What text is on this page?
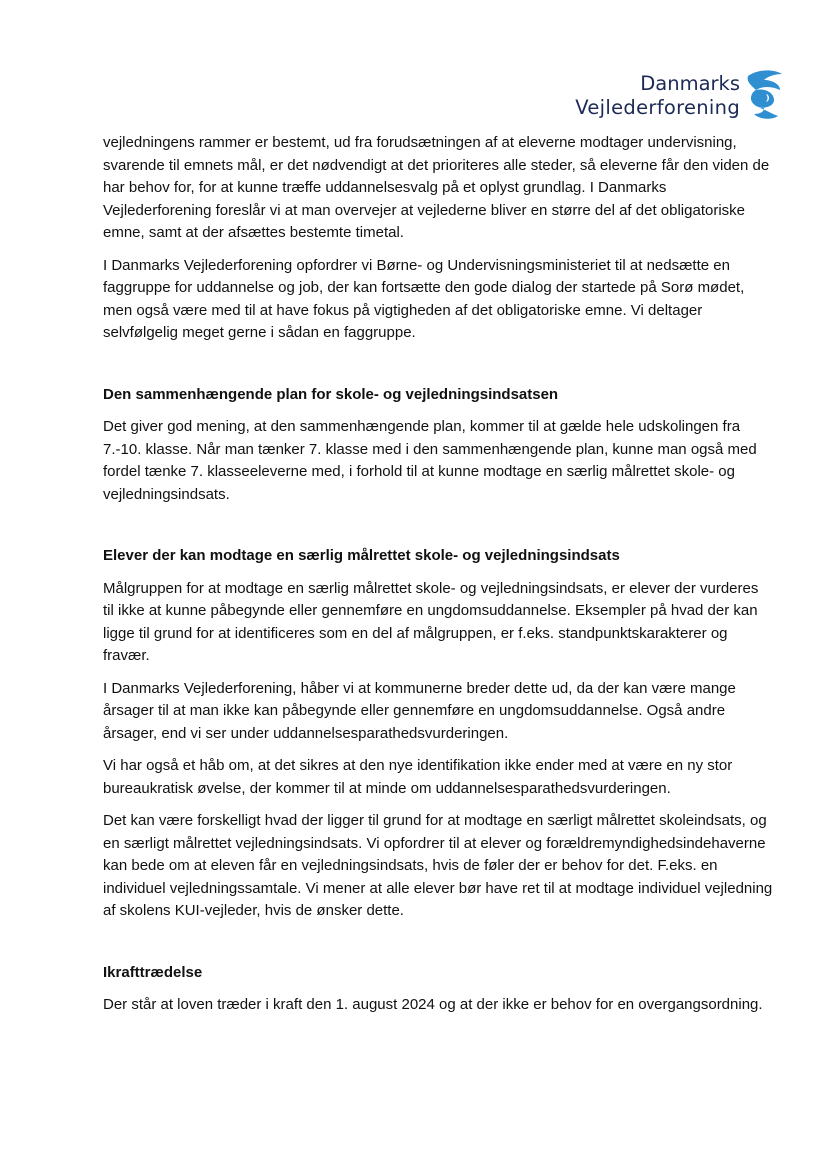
Danmarks
Vejlederforening

vejledningens rammer er bestemt, ud fra forudsætningen af at eleverne modtager undervisning, svarende til emnets mål, er det nødvendigt at det prioriteres alle steder, så eleverne får den viden de har behov for, for at kunne træffe uddannelsesvalg på et oplyst grundlag. I Danmarks Vejlederforening foreslår vi at man overvejer at vejlederne bliver en større del af det obligatoriske emne, samt at der afsættes bestemte timetal.

I Danmarks Vejlederforening opfordrer vi Børne- og Undervisningsministeriet til at nedsætte en faggruppe for uddannelse og job, der kan fortsætte den gode dialog der startede på Sorø mødet, men også være med til at have fokus på vigtigheden af det obligatoriske emne. Vi deltager selvfølgelig meget gerne i sådan en faggruppe.

Den sammenhængende plan for skole- og vejledningsindsatsen

Det giver god mening, at den sammenhængende plan, kommer til at gælde hele udskolingen fra 7.-10. klasse. Når man tænker 7. klasse med i den sammenhængende plan, kunne man også med fordel tænke 7. klasseeleverne med, i forhold til at kunne modtage en særlig målrettet skole- og vejledningsindsats.

Elever der kan modtage en særlig målrettet skole- og vejledningsindsats

Målgruppen for at modtage en særlig målrettet skole- og vejledningsindsats, er elever der vurderes til ikke at kunne påbegynde eller gennemføre en ungdomsuddannelse. Eksempler på hvad der kan ligge til grund for at identificeres som en del af målgruppen, er f.eks. standpunktskarakterer og fravær.

I Danmarks Vejlederforening, håber vi at kommunerne breder dette ud, da der kan være mange årsager til at man ikke kan påbegynde eller gennemføre en ungdomsuddannelse. Også andre årsager, end vi ser under uddannelsesparathedsvurderingen.

Vi har også et håb om, at det sikres at den nye identifikation ikke ender med at være en ny stor bureaukratisk øvelse, der kommer til at minde om uddannelsesparathedsvurderingen.

Det kan være forskelligt hvad der ligger til grund for at modtage en særligt målrettet skoleindsats, og en særligt målrettet vejledningsindsats. Vi opfordrer til at elever og forældremyndighedsindehaverne kan bede om at eleven får en vejledningsindsats, hvis de føler der er behov for det. F.eks. en individuel vejledningssamtale. Vi mener at alle elever bør have ret til at modtage individuel vejledning af skolens KUI-vejleder, hvis de ønsker dette.

Ikrafttrædelse

Der står at loven træder i kraft den 1. august 2024 og at der ikke er behov for en overgangsordning.
